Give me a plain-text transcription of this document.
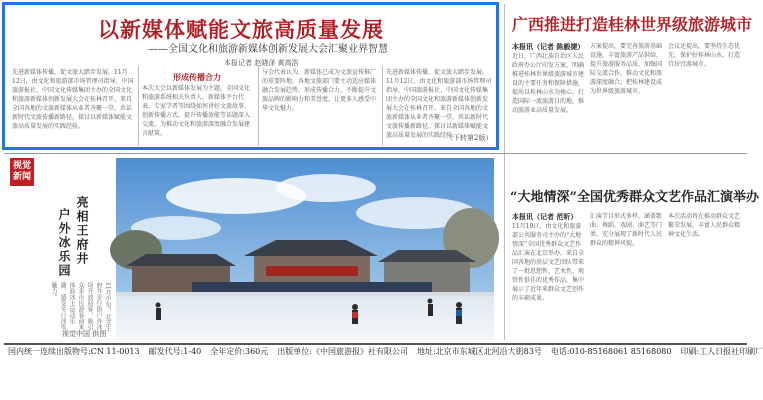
以新媒体赋能文旅高质量发展
——全国文化和旅游新媒体创新发展大会汇聚业界智慧
本报记者 赵晓泽 黄高浩
先进新媒体传播，促文旅大踏步发展。11月12日，由文化和旅游部市场管理司指导，中国旅游报社、中国文化传媒集团主办的全国文化和旅游新媒体创新发展大会在桂林召开。来自全国各地的文旅新媒体从业者齐聚一堂，共话新时代文旅传播新路径，探讨以新媒体赋能文旅高质量发展的实践经验。
形成传播合力
本次大会以新媒体发展为主题，全国文化和旅游系统相关负责人、新媒体平台代表、专家学者等围绕如何讲好文旅故事、创新传播方式、提升传播效能等话题深入交流，为推动文化和旅游深度融合发展建言献策。
与会代表认为，新媒体已成为文旅宣传推广的重要阵地。各地文旅部门要主动适应媒体融合发展趋势，形成传播合力，不断提升文旅品牌的影响力和美誉度，让更多人感受中华文化魅力。
先进新媒体传播，促文旅大踏步发展。11月12日，由文化和旅游部市场管理司指导，中国旅游报社、中国文化传媒集团主办的全国文化和旅游新媒体创新发展大会在桂林召开。来自全国各地的文旅新媒体从业者齐聚一堂，共话新时代文旅传播新路径，探讨以新媒体赋能文旅高质量发展的实践经验。
（下转第2版）
广西推进打造桂林世界级旅游城市
本报讯（记者 陈毅捷）
近日，广西壮族自治区人民政府办公厅印发方案，明确推进桂林世界级旅游城市建设的主要任务和保障措施，提出以桂林山水为核心，打造国际一流旅游目的地，推动旅游业高质量发展。
方案提出，要完善旅游基础设施，丰富旅游产品供给，提升旅游服务品质，加强国际交流合作，推动文化和旅游深度融合，把桂林建设成为世界级旅游城市。
会议还提出，要坚持生态优先，保护好桂林山水，打造宜居宜游城市。
视觉新闻
亮相王府井
户外冰乐园
11月中旬，北京王府井步行街户外冰场开放迎客，吸引众多市民游客前来体验冰上运动乐趣，感受冬日冰雪魅力。
视觉中国 供图
“大地情深”全国优秀群众文艺作品汇演举办
本报讯（记者 范昕）
11月19日，由文化和旅游部公共服务司主办的“大地情深”全国优秀群众文艺作品汇演在北京举办。来自全国各地的基层文艺团队带来了一批思想性、艺术性、观赏性俱佳的优秀作品，集中展示了近年来群众文艺创作的丰硕成果。
汇演节目形式多样，涵盖歌曲、舞蹈、戏剧、曲艺等门类，充分展现了新时代人民群众的精神风貌。
本次活动旨在推动群众文艺繁荣发展，丰富人民群众精神文化生活。
国内统一连续出版物号:CN 11-0013 邮发代号:1-40 全年定价:360元 出版单位:《中国旅游报》社有限公司 地址:北京市东城区北河沿大街83号 电话:010-85168061 85168080 印刷:工人日报社印刷厂
